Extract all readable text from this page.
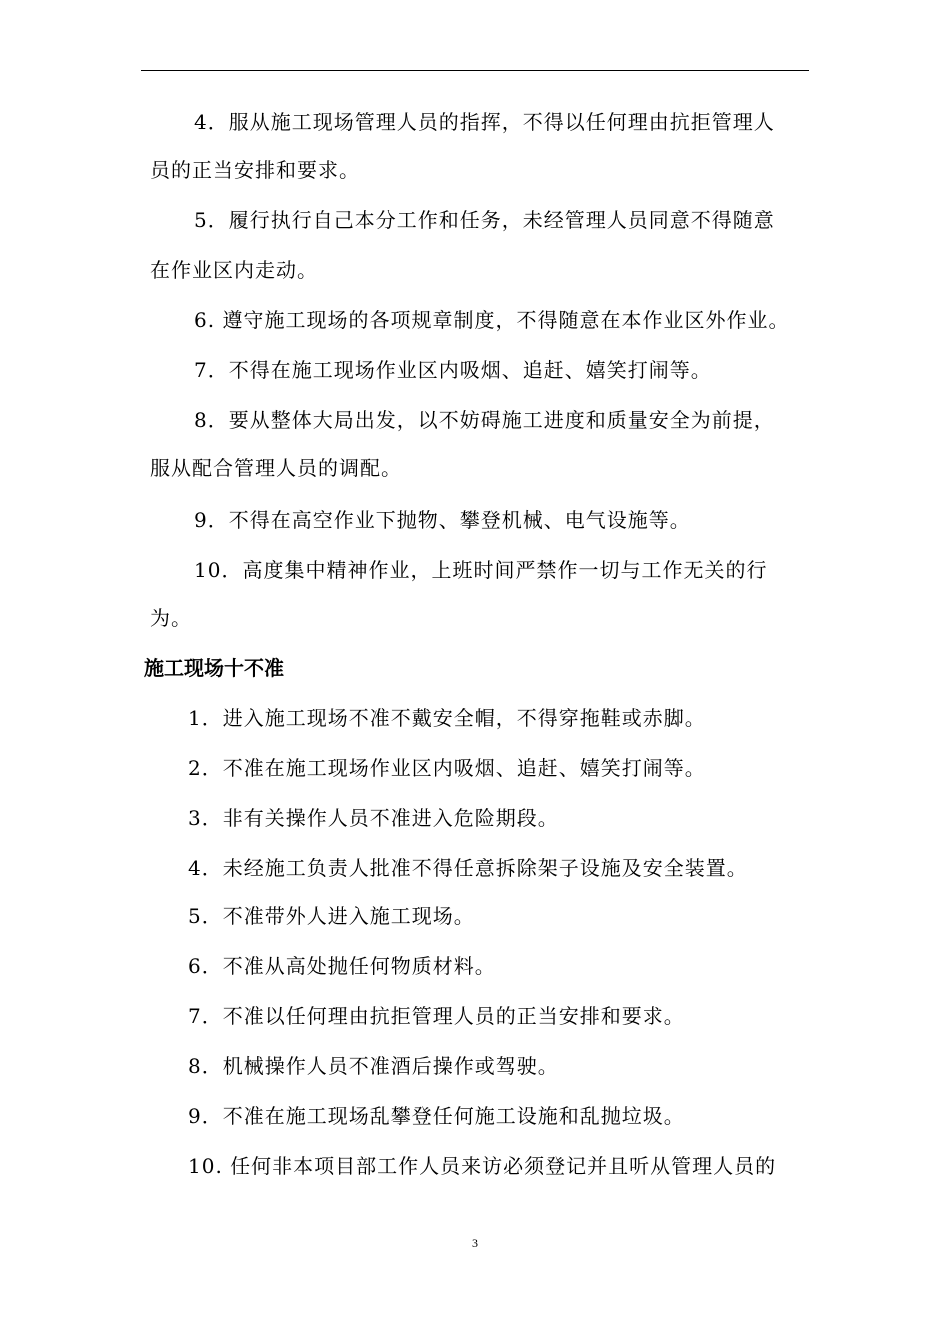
4．服从施工现场管理人员的指挥，不得以任何理由抗拒管理人
员的正当安排和要求。
5．履行执行自己本分工作和任务，未经管理人员同意不得随意
在作业区内走动。
6. 遵守施工现场的各项规章制度，不得随意在本作业区外作业。
7．不得在施工现场作业区内吸烟、追赶、嬉笑打闹等。
8．要从整体大局出发，以不妨碍施工进度和质量安全为前提，
服从配合管理人员的调配。
9．不得在高空作业下抛物、攀登机械、电气设施等。
10．高度集中精神作业，上班时间严禁作一切与工作无关的行
为。
施工现场十不准
1．进入施工现场不准不戴安全帽，不得穿拖鞋或赤脚。
2．不准在施工现场作业区内吸烟、追赶、嬉笑打闹等。
3．非有关操作人员不准进入危险期段。
4．未经施工负责人批准不得任意拆除架子设施及安全装置。
5．不准带外人进入施工现场。
6．不准从高处抛任何物质材料。
7．不准以任何理由抗拒管理人员的正当安排和要求。
8．机械操作人员不准酒后操作或驾驶。
9．不准在施工现场乱攀登任何施工设施和乱抛垃圾。
10. 任何非本项目部工作人员来访必须登记并且听从管理人员的
3
